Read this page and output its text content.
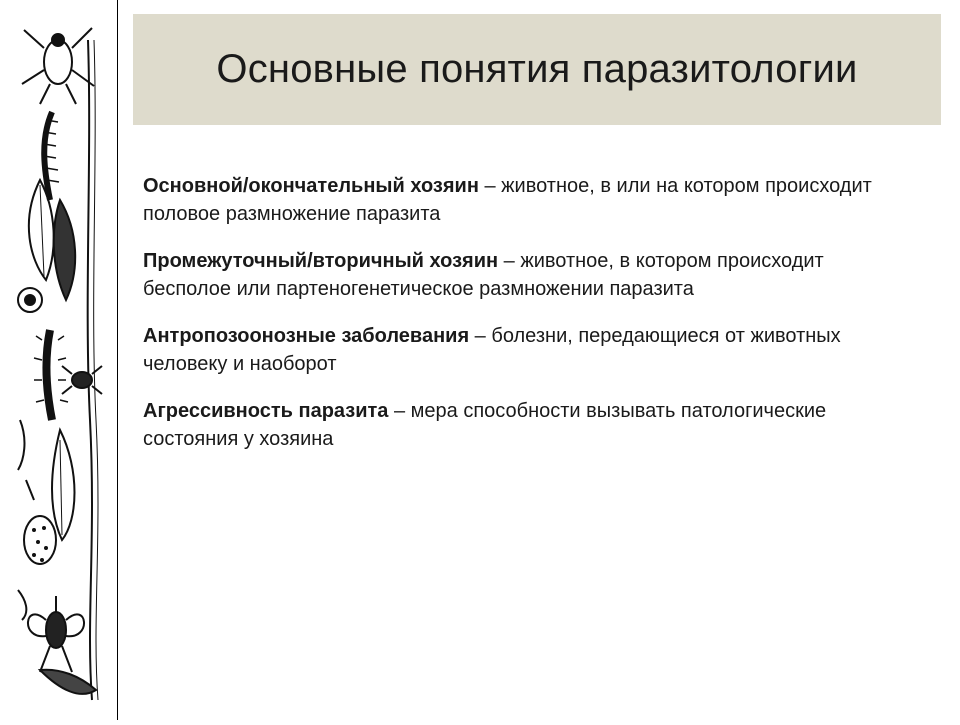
Основные понятия паразитологии

Основной/окончательный хозяин – животное, в или на котором происходит половое размножение паразита

Промежуточный/вторичный хозяин – животное, в котором происходит бесполое или партеногенетическое размножении паразита

Антропозоонозные заболевания – болезни, передающиеся от животных человеку и наоборот

Агрессивность паразита – мера способности вызывать патологические состояния у хозяина
